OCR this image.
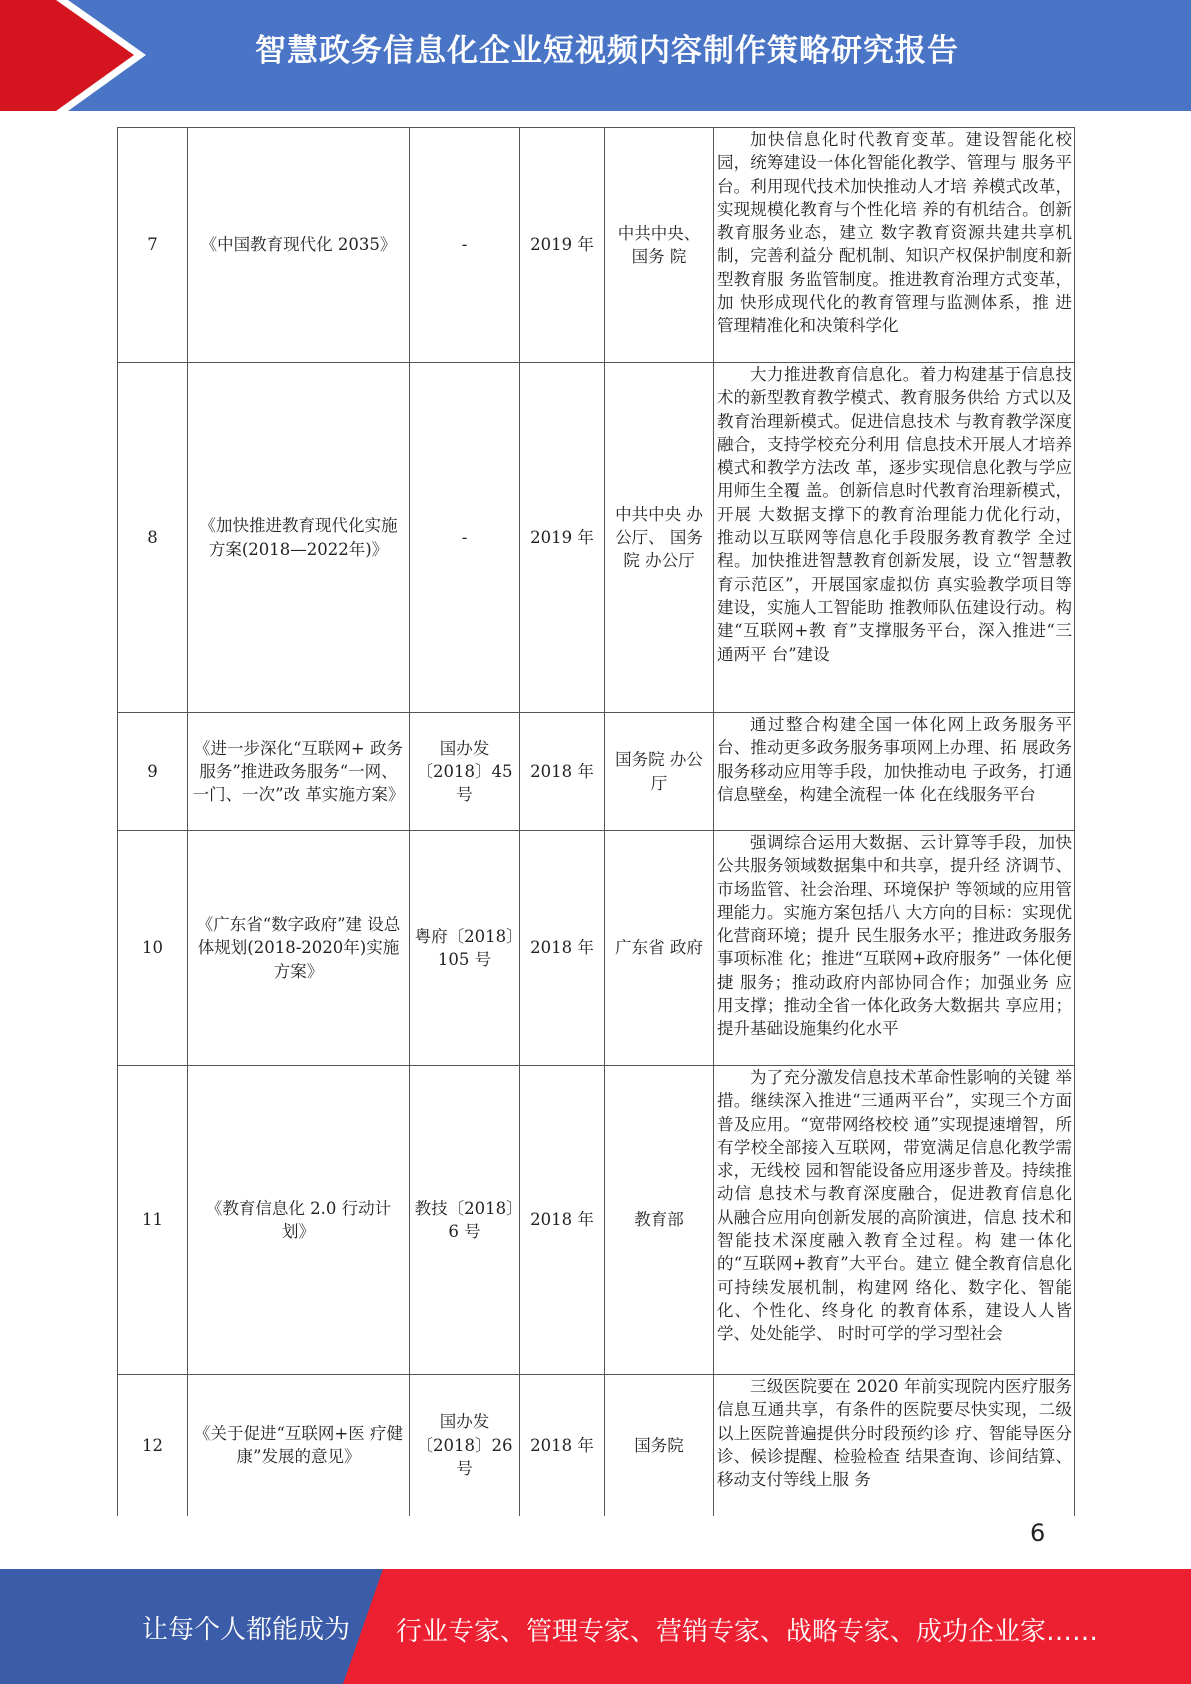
智慧政务信息化企业短视频内容制作策略研究报告
7	《中国教育现代化 2035》	-	2019 年	中共中央、国务 院	加快信息化时代教育变革。建设智能化校园，统筹建设一体化智能化教学、管理与 服务平台。利用现代技术加快推动人才培 养模式改革，实现规模化教育与个性化培 养的有机结合。创新教育服务业态，建立 数字教育资源共建共享机制，完善利益分 配机制、知识产权保护制度和新型教育服 务监管制度。推进教育治理方式变革，加 快形成现代化的教育管理与监测体系，推 进管理精准化和决策科学化
8	《加快推进教育现代化实施方案(2018—2022年)》	-	2019 年	中共中央 办公厅、 国务院 办公厅	大力推进教育信息化。着力构建基于信息技术的新型教育教学模式、教育服务供给 方式以及教育治理新模式。促进信息技术 与教育教学深度融合，支持学校充分利用 信息技术开展人才培养模式和教学方法改 革，逐步实现信息化教与学应用师生全覆 盖。创新信息时代教育治理新模式，开展 大数据支撑下的教育治理能力优化行动， 推动以互联网等信息化手段服务教育教学 全过程。加快推进智慧教育创新发展，设 立“智慧教育示范区”，开展国家虚拟仿 真实验教学项目等建设，实施人工智能助 推教师队伍建设行动。构建“互联网+教 育”支撑服务平台，深入推进“三通两平 台”建设
9	《进一步深化“互联网+ 政务服务”推进政务服务“一网、一门、一次”改 革实施方案》	国办发〔2018〕45 号	2018 年	国务院 办公厅	通过整合构建全国一体化网上政务服务平 台、推动更多政务服务事项网上办理、拓 展政务服务移动应用等手段，加快推动电 子政务，打通信息壁垒，构建全流程一体 化在线服务平台
10	《广东省“数字政府”建 设总体规划(2018-2020年)实施方案》	粤府〔2018〕105 号	2018 年	广东省 政府	强调综合运用大数据、云计算等手段，加快公共服务领域数据集中和共享，提升经 济调节、市场监管、社会治理、环境保护 等领域的应用管理能力。实施方案包括八 大方向的目标：实现优化营商环境；提升 民生服务水平；推进政务服务事项标准 化；推进“互联网+政府服务” 一体化便捷 服务；推动政府内部协同合作；加强业务 应用支撑；推动全省一体化政务大数据共 享应用；提升基础设施集约化水平
11	《教育信息化 2.0 行动计 划》	教技〔2018〕6 号	2018 年	教育部	为了充分激发信息技术革命性影响的关键 举措。继续深入推进“三通两平台”，实现三个方面普及应用。“宽带网络校校 通”实现提速增智，所有学校全部接入互联网，带宽满足信息化教学需求，无线校 园和智能设备应用逐步普及。持续推动信 息技术与教育深度融合，促进教育信息化 从融合应用向创新发展的高阶演进，信息 技术和智能技术深度融入教育全过程。构 建一体化的“互联网+教育”大平台。建立 健全教育信息化可持续发展机制，构建网 络化、数字化、智能化、个性化、终身化 的教育体系，建设人人皆学、处处能学、 时时可学的学习型社会
12	《关于促进“互联网+医 疗健康”发展的意见》	国办发〔2018〕26 号	2018 年	国务院	三级医院要在 2020 年前实现院内医疗服务 信息互通共享，有条件的医院要尽快实现，二级以上医院普遍提供分时段预约诊 疗、智能导医分诊、候诊提醒、检验检查 结果查询、诊间结算、移动支付等线上服 务
6
让每个人都能成为 行业专家、管理专家、营销专家、战略专家、成功企业家……
